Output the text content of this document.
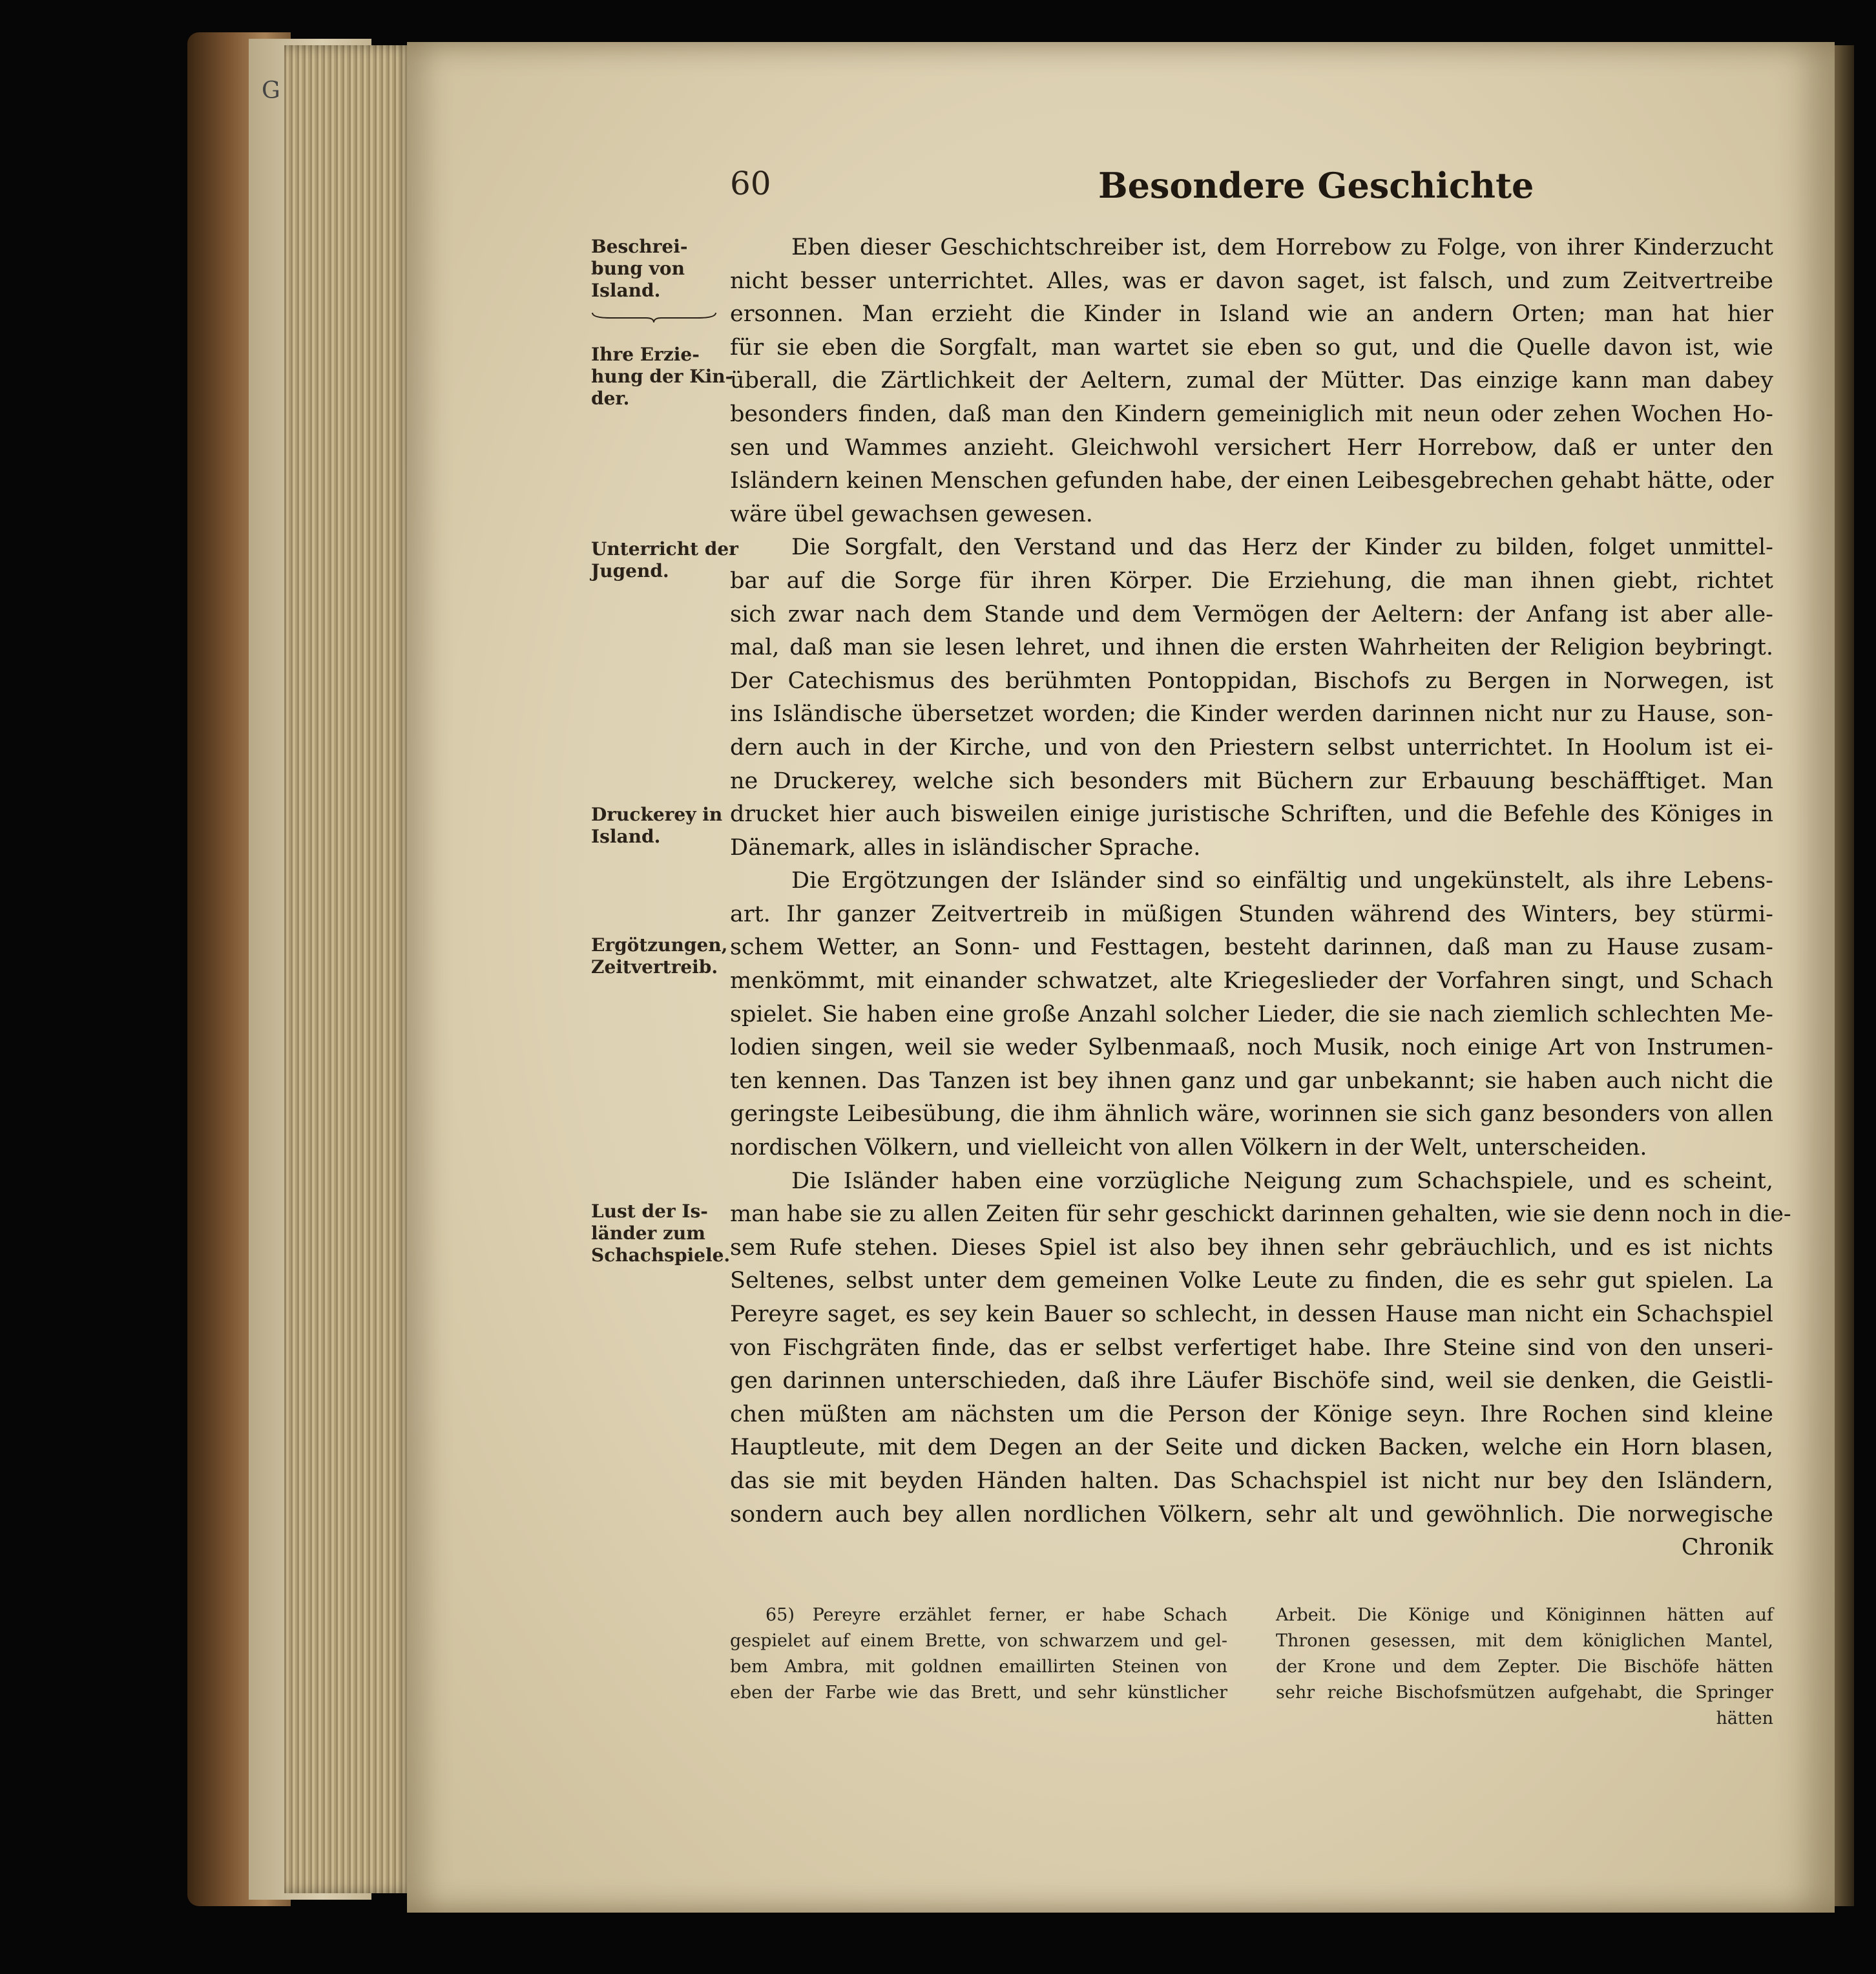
G
60	Besondere Geschichte
Beschrei-
bung von
Island.
Ihre Erzie-
hung der Kin-
der.
Unterricht der
Jugend.
Druckerey in
Island.
Ergötzungen,
Zeitvertreib.
Lust der Is-
länder zum
Schachspiele.
Eben dieser Geschichtschreiber ist, dem Horrebow zu Folge, von ihrer Kinderzucht
nicht besser unterrichtet. Alles, was er davon saget, ist falsch, und zum Zeitvertreibe
ersonnen. Man erzieht die Kinder in Island wie an andern Orten; man hat hier
für sie eben die Sorgfalt, man wartet sie eben so gut, und die Quelle davon ist, wie
überall, die Zärtlichkeit der Aeltern, zumal der Mütter. Das einzige kann man dabey
besonders finden, daß man den Kindern gemeiniglich mit neun oder zehen Wochen Ho-
sen und Wammes anzieht. Gleichwohl versichert Herr Horrebow, daß er unter den
Isländern keinen Menschen gefunden habe, der einen Leibesgebrechen gehabt hätte, oder
wäre übel gewachsen gewesen.
Die Sorgfalt, den Verstand und das Herz der Kinder zu bilden, folget unmittel-
bar auf die Sorge für ihren Körper. Die Erziehung, die man ihnen giebt, richtet
sich zwar nach dem Stande und dem Vermögen der Aeltern: der Anfang ist aber alle-
mal, daß man sie lesen lehret, und ihnen die ersten Wahrheiten der Religion beybringt.
Der Catechismus des berühmten Pontoppidan, Bischofs zu Bergen in Norwegen, ist
ins Isländische übersetzet worden; die Kinder werden darinnen nicht nur zu Hause, son-
dern auch in der Kirche, und von den Priestern selbst unterrichtet. In Hoolum ist ei-
ne Druckerey, welche sich besonders mit Büchern zur Erbauung beschäfftiget. Man
drucket hier auch bisweilen einige juristische Schriften, und die Befehle des Königes in
Dänemark, alles in isländischer Sprache.
Die Ergötzungen der Isländer sind so einfältig und ungekünstelt, als ihre Lebens-
art. Ihr ganzer Zeitvertreib in müßigen Stunden während des Winters, bey stürmi-
schem Wetter, an Sonn- und Festtagen, besteht darinnen, daß man zu Hause zusam-
menkömmt, mit einander schwatzet, alte Kriegeslieder der Vorfahren singt, und Schach
spielet. Sie haben eine große Anzahl solcher Lieder, die sie nach ziemlich schlechten Me-
lodien singen, weil sie weder Sylbenmaaß, noch Musik, noch einige Art von Instrumen-
ten kennen. Das Tanzen ist bey ihnen ganz und gar unbekannt; sie haben auch nicht die
geringste Leibesübung, die ihm ähnlich wäre, worinnen sie sich ganz besonders von allen
nordischen Völkern, und vielleicht von allen Völkern in der Welt, unterscheiden.
Die Isländer haben eine vorzügliche Neigung zum Schachspiele, und es scheint,
man habe sie zu allen Zeiten für sehr geschickt darinnen gehalten, wie sie denn noch in die-
sem Rufe stehen. Dieses Spiel ist also bey ihnen sehr gebräuchlich, und es ist nichts
Seltenes, selbst unter dem gemeinen Volke Leute zu finden, die es sehr gut spielen. La
Pereyre saget, es sey kein Bauer so schlecht, in dessen Hause man nicht ein Schachspiel
von Fischgräten finde, das er selbst verfertiget habe. Ihre Steine sind von den unseri-
gen darinnen unterschieden, daß ihre Läufer Bischöfe sind, weil sie denken, die Geistli-
chen müßten am nächsten um die Person der Könige seyn. Ihre Rochen sind kleine
Hauptleute, mit dem Degen an der Seite und dicken Backen, welche ein Horn blasen,
das sie mit beyden Händen halten. Das Schachspiel ist nicht nur bey den Isländern,
sondern auch bey allen nordlichen Völkern, sehr alt und gewöhnlich. Die norwegische
Chronik
65) Pereyre erzählet ferner, er habe Schach
gespielet auf einem Brette, von schwarzem und gel-
bem Ambra, mit goldnen emaillirten Steinen von
eben der Farbe wie das Brett, und sehr künstlicher
Arbeit. Die Könige und Königinnen hätten auf
Thronen gesessen, mit dem königlichen Mantel,
der Krone und dem Zepter. Die Bischöfe hätten
sehr reiche Bischofsmützen aufgehabt, die Springer
hätten
